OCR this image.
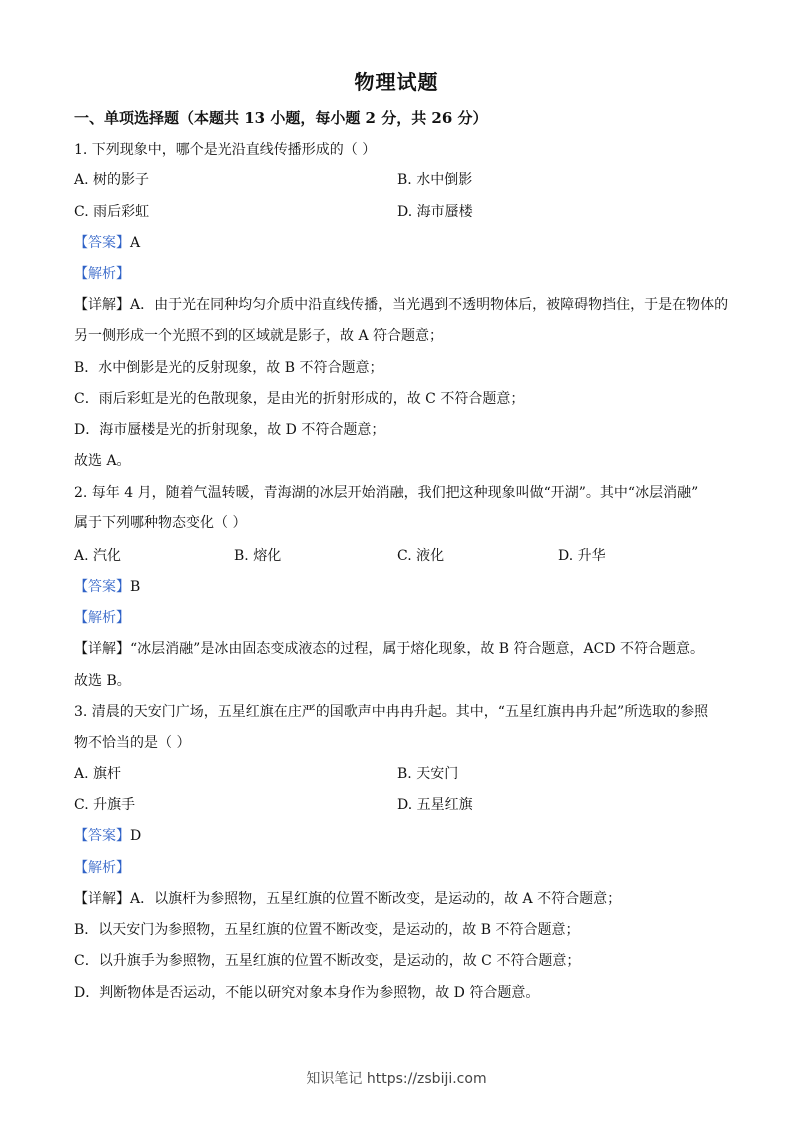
物理试题
一、单项选择题（本题共 13 小题，每小题 2 分，共 26 分）
1. 下列现象中，哪个是光沿直线传播形成的（ ）
A. 树的影子	B. 水中倒影
C. 雨后彩虹	D. 海市蜃楼
【答案】A
【解析】
【详解】A．由于光在同种均匀介质中沿直线传播，当光遇到不透明物体后，被障碍物挡住，于是在物体的
另一侧形成一个光照不到的区域就是影子，故 A 符合题意；
B．水中倒影是光的反射现象，故 B 不符合题意；
C．雨后彩虹是光的色散现象，是由光的折射形成的，故 C 不符合题意；
D．海市蜃楼是光的折射现象，故 D 不符合题意；
故选 A。
2. 每年 4 月，随着气温转暖，青海湖的冰层开始消融，我们把这种现象叫做“开湖”。其中“冰层消融”
属于下列哪种物态变化（ ）
A. 汽化	B. 熔化	C. 液化	D. 升华
【答案】B
【解析】
【详解】“冰层消融”是冰由固态变成液态的过程，属于熔化现象，故 B 符合题意，ACD 不符合题意。
故选 B。
3. 清晨的天安门广场，五星红旗在庄严的国歌声中冉冉升起。其中，“五星红旗冉冉升起”所选取的参照
物不恰当的是（ ）
A. 旗杆	B. 天安门
C. 升旗手	D. 五星红旗
【答案】D
【解析】
【详解】A．以旗杆为参照物，五星红旗的位置不断改变，是运动的，故 A 不符合题意；
B．以天安门为参照物，五星红旗的位置不断改变，是运动的，故 B 不符合题意；
C．以升旗手为参照物，五星红旗的位置不断改变，是运动的，故 C 不符合题意；
D．判断物体是否运动，不能以研究对象本身作为参照物，故 D 符合题意。
知识笔记 https://zsbiji.com
